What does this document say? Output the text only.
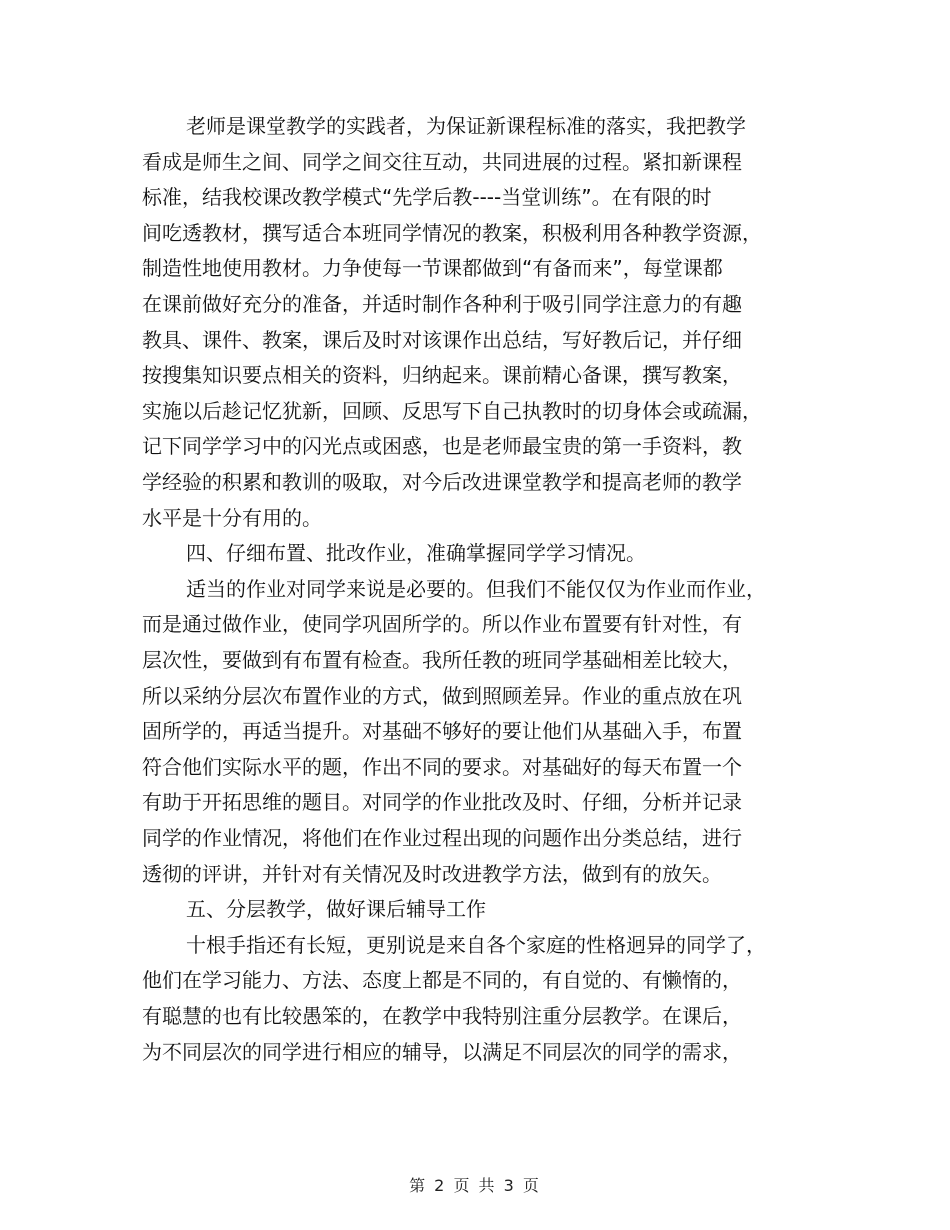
老师是课堂教学的实践者，为保证新课程标准的落实，我把教学
看成是师生之间、同学之间交往互动，共同进展的过程。紧扣新课程
标准，结我校课改教学模式“先学后教----当堂训练”。在有限的时
间吃透教材，撰写适合本班同学情况的教案，积极利用各种教学资源，
制造性地使用教材。力争使每一节课都做到“有备而来”，每堂课都
在课前做好充分的准备，并适时制作各种利于吸引同学注意力的有趣
教具、课件、教案，课后及时对该课作出总结，写好教后记，并仔细
按搜集知识要点相关的资料，归纳起来。课前精心备课，撰写教案，
实施以后趁记忆犹新，回顾、反思写下自己执教时的切身体会或疏漏，
记下同学学习中的闪光点或困惑，也是老师最宝贵的第一手资料，教
学经验的积累和教训的吸取，对今后改进课堂教学和提高老师的教学
水平是十分有用的。
四、仔细布置、批改作业，准确掌握同学学习情况。
适当的作业对同学来说是必要的。但我们不能仅仅为作业而作业，
而是通过做作业，使同学巩固所学的。所以作业布置要有针对性，有
层次性，要做到有布置有检查。我所任教的班同学基础相差比较大，
所以采纳分层次布置作业的方式，做到照顾差异。作业的重点放在巩
固所学的，再适当提升。对基础不够好的要让他们从基础入手，布置
符合他们实际水平的题，作出不同的要求。对基础好的每天布置一个
有助于开拓思维的题目。对同学的作业批改及时、仔细，分析并记录
同学的作业情况，将他们在作业过程出现的问题作出分类总结，进行
透彻的评讲，并针对有关情况及时改进教学方法，做到有的放矢。
五、分层教学，做好课后辅导工作
十根手指还有长短，更别说是来自各个家庭的性格迥异的同学了，
他们在学习能力、方法、态度上都是不同的，有自觉的、有懒惰的，
有聪慧的也有比较愚笨的，在教学中我特别注重分层教学。在课后，
为不同层次的同学进行相应的辅导，以满足不同层次的同学的需求，
第 2 页 共 3 页
